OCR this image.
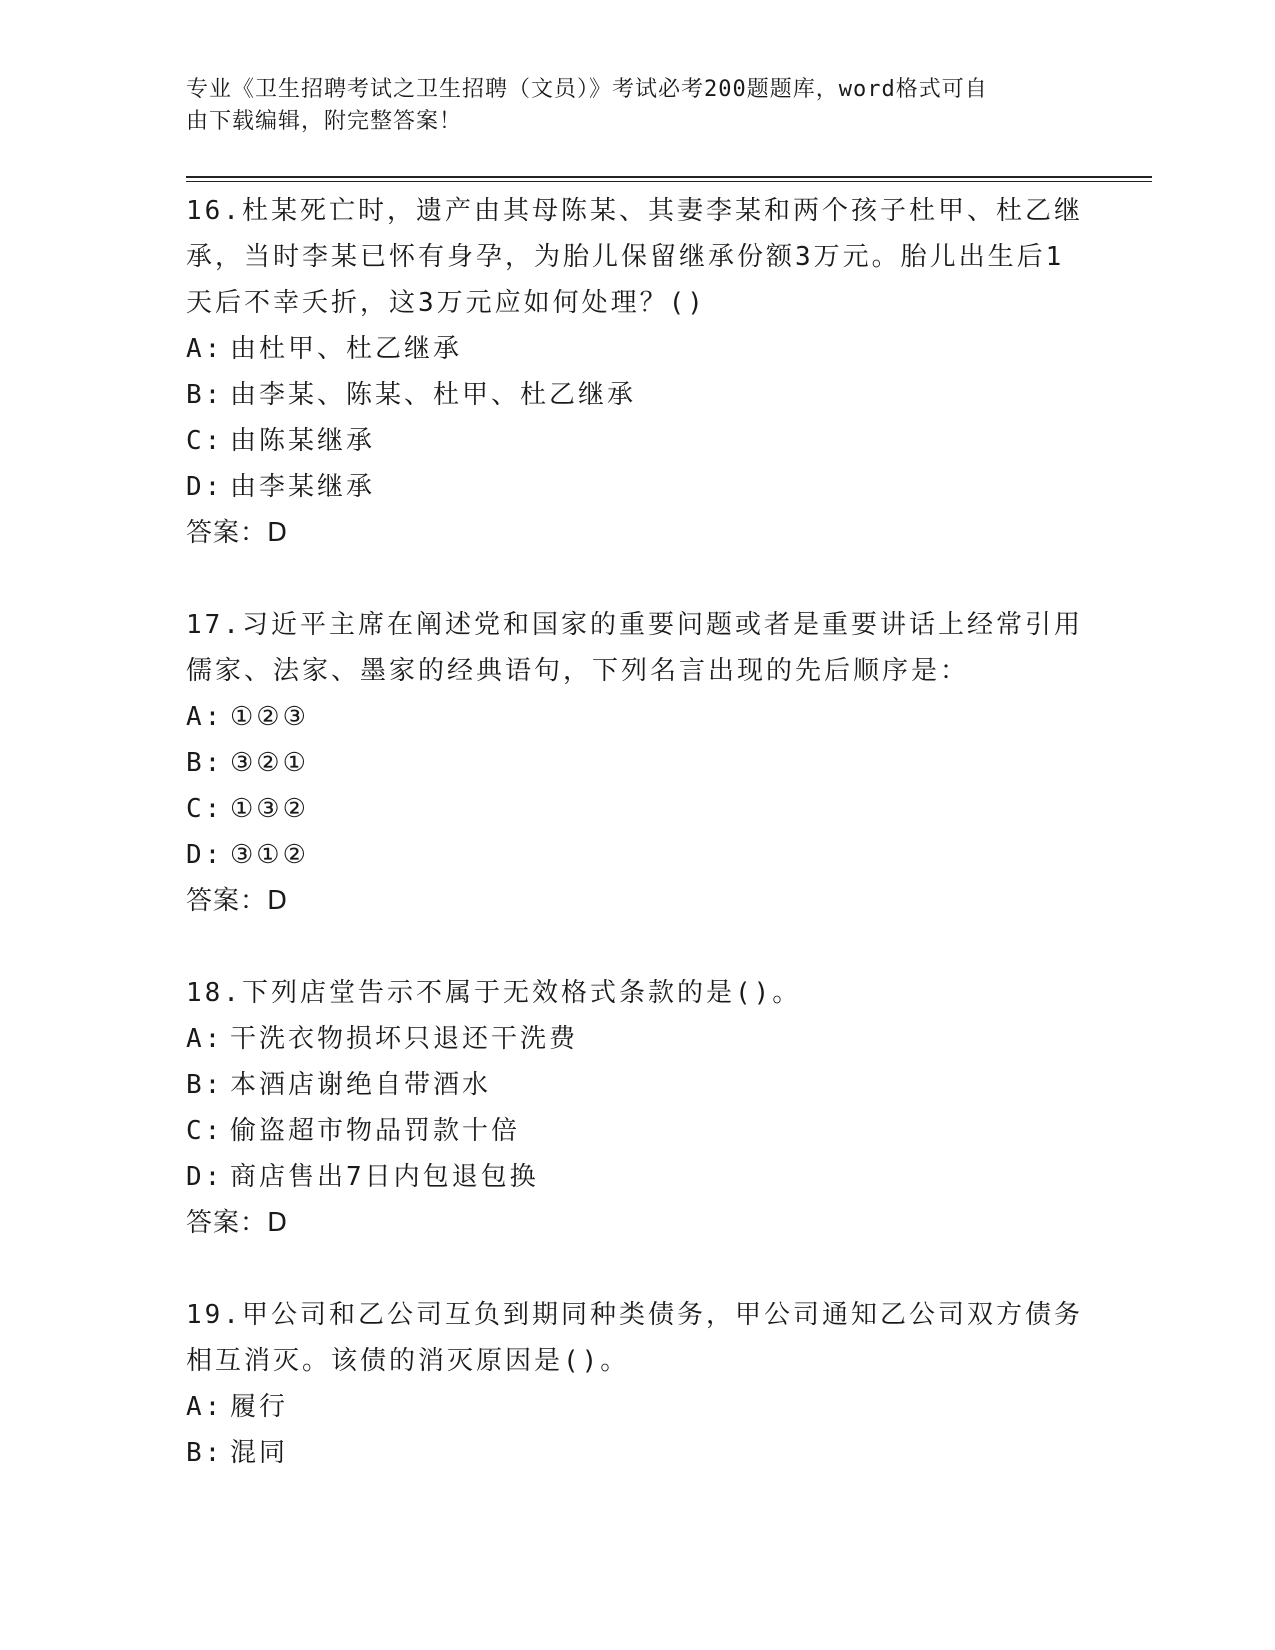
专业《卫生招聘考试之卫生招聘（文员）》考试必考200题题库，word格式可自
由下载编辑，附完整答案！

16.杜某死亡时，遗产由其母陈某、其妻李某和两个孩子杜甲、杜乙继承，当时李某已怀有身孕，为胎儿保留继承份额3万元。胎儿出生后1天后不幸夭折，这3万元应如何处理？()

A: 由杜甲、杜乙继承

B: 由李某、陈某、杜甲、杜乙继承

C: 由陈某继承

D: 由李某继承

答案：D

17.习近平主席在阐述党和国家的重要问题或者是重要讲话上经常引用儒家、法家、墨家的经典语句，下列名言出现的先后顺序是：

A: ①②③

B: ③②①

C: ①③②

D: ③①②

答案：D

18.下列店堂告示不属于无效格式条款的是()。

A: 干洗衣物损坏只退还干洗费

B: 本酒店谢绝自带酒水

C: 偷盗超市物品罚款十倍

D: 商店售出7日内包退包换

答案：D

19.甲公司和乙公司互负到期同种类债务，甲公司通知乙公司双方债务相互消灭。该债的消灭原因是()。

A: 履行

B: 混同
